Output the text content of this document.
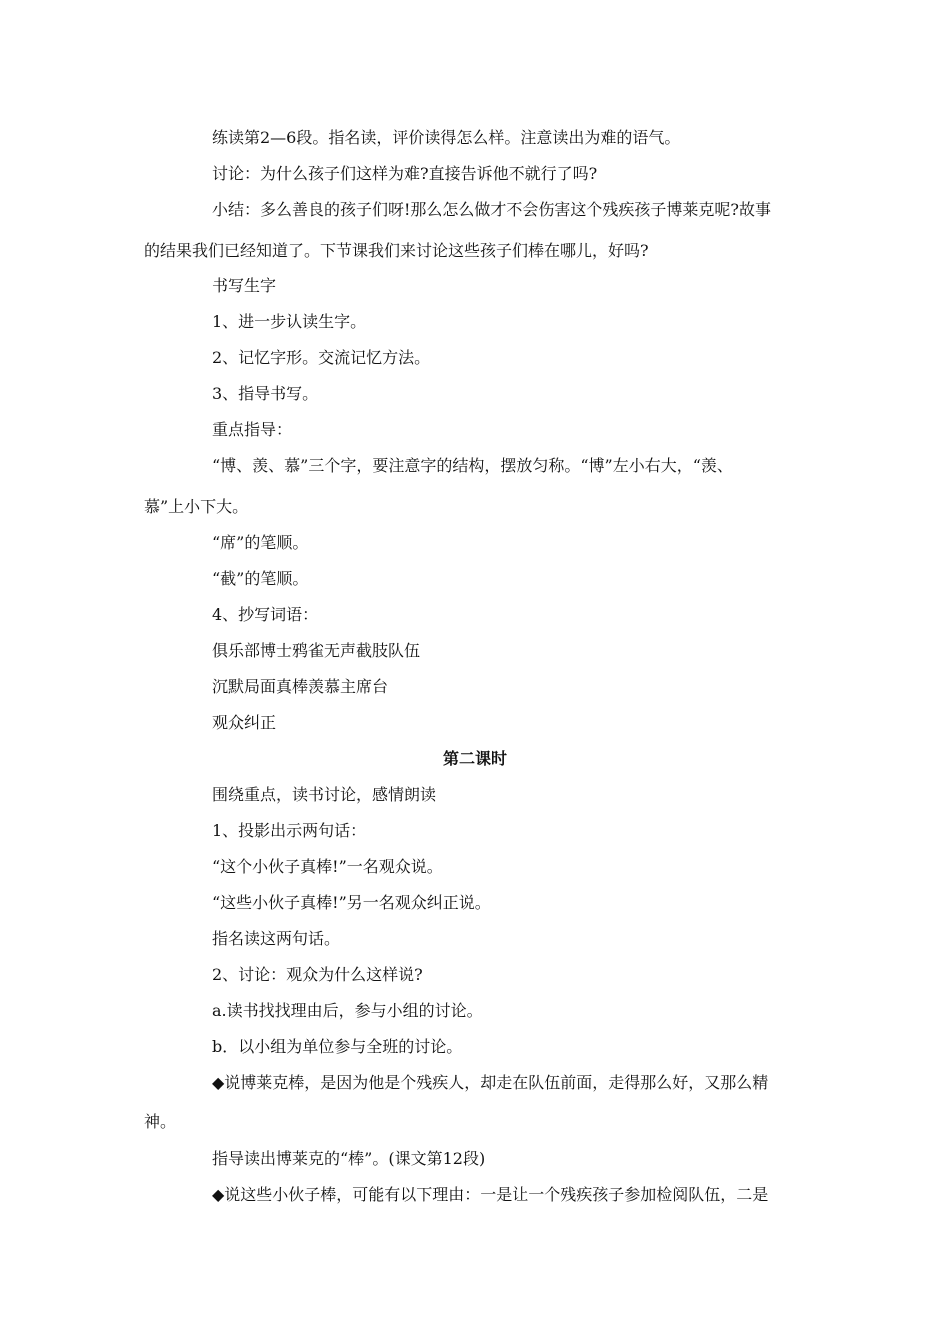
练读第2—6段。指名读，评价读得怎么样。注意读出为难的语气。
讨论：为什么孩子们这样为难?直接告诉他不就行了吗?
小结：多么善良的孩子们呀!那么怎么做才不会伤害这个残疾孩子博莱克呢?故事
的结果我们已经知道了。下节课我们来讨论这些孩子们棒在哪儿，好吗?
书写生字
1、进一步认读生字。
2、记忆字形。交流记忆方法。
3、指导书写。
重点指导：
“博、羡、慕”三个字，要注意字的结构，摆放匀称。“博”左小右大，“羡、
慕”上小下大。
“席”的笔顺。
“截”的笔顺。
4、抄写词语：
俱乐部博士鸦雀无声截肢队伍
沉默局面真棒羡慕主席台
观众纠正
第二课时
围绕重点，读书讨论，感情朗读
1、投影出示两句话：
“这个小伙子真棒!”一名观众说。
“这些小伙子真棒!”另一名观众纠正说。
指名读这两句话。
2、讨论：观众为什么这样说?
a.读书找找理由后，参与小组的讨论。
b．以小组为单位参与全班的讨论。
◆说博莱克棒，是因为他是个残疾人，却走在队伍前面，走得那么好，又那么精
神。
指导读出博莱克的“棒”。(课文第12段)
◆说这些小伙子棒，可能有以下理由：一是让一个残疾孩子参加检阅队伍，二是
